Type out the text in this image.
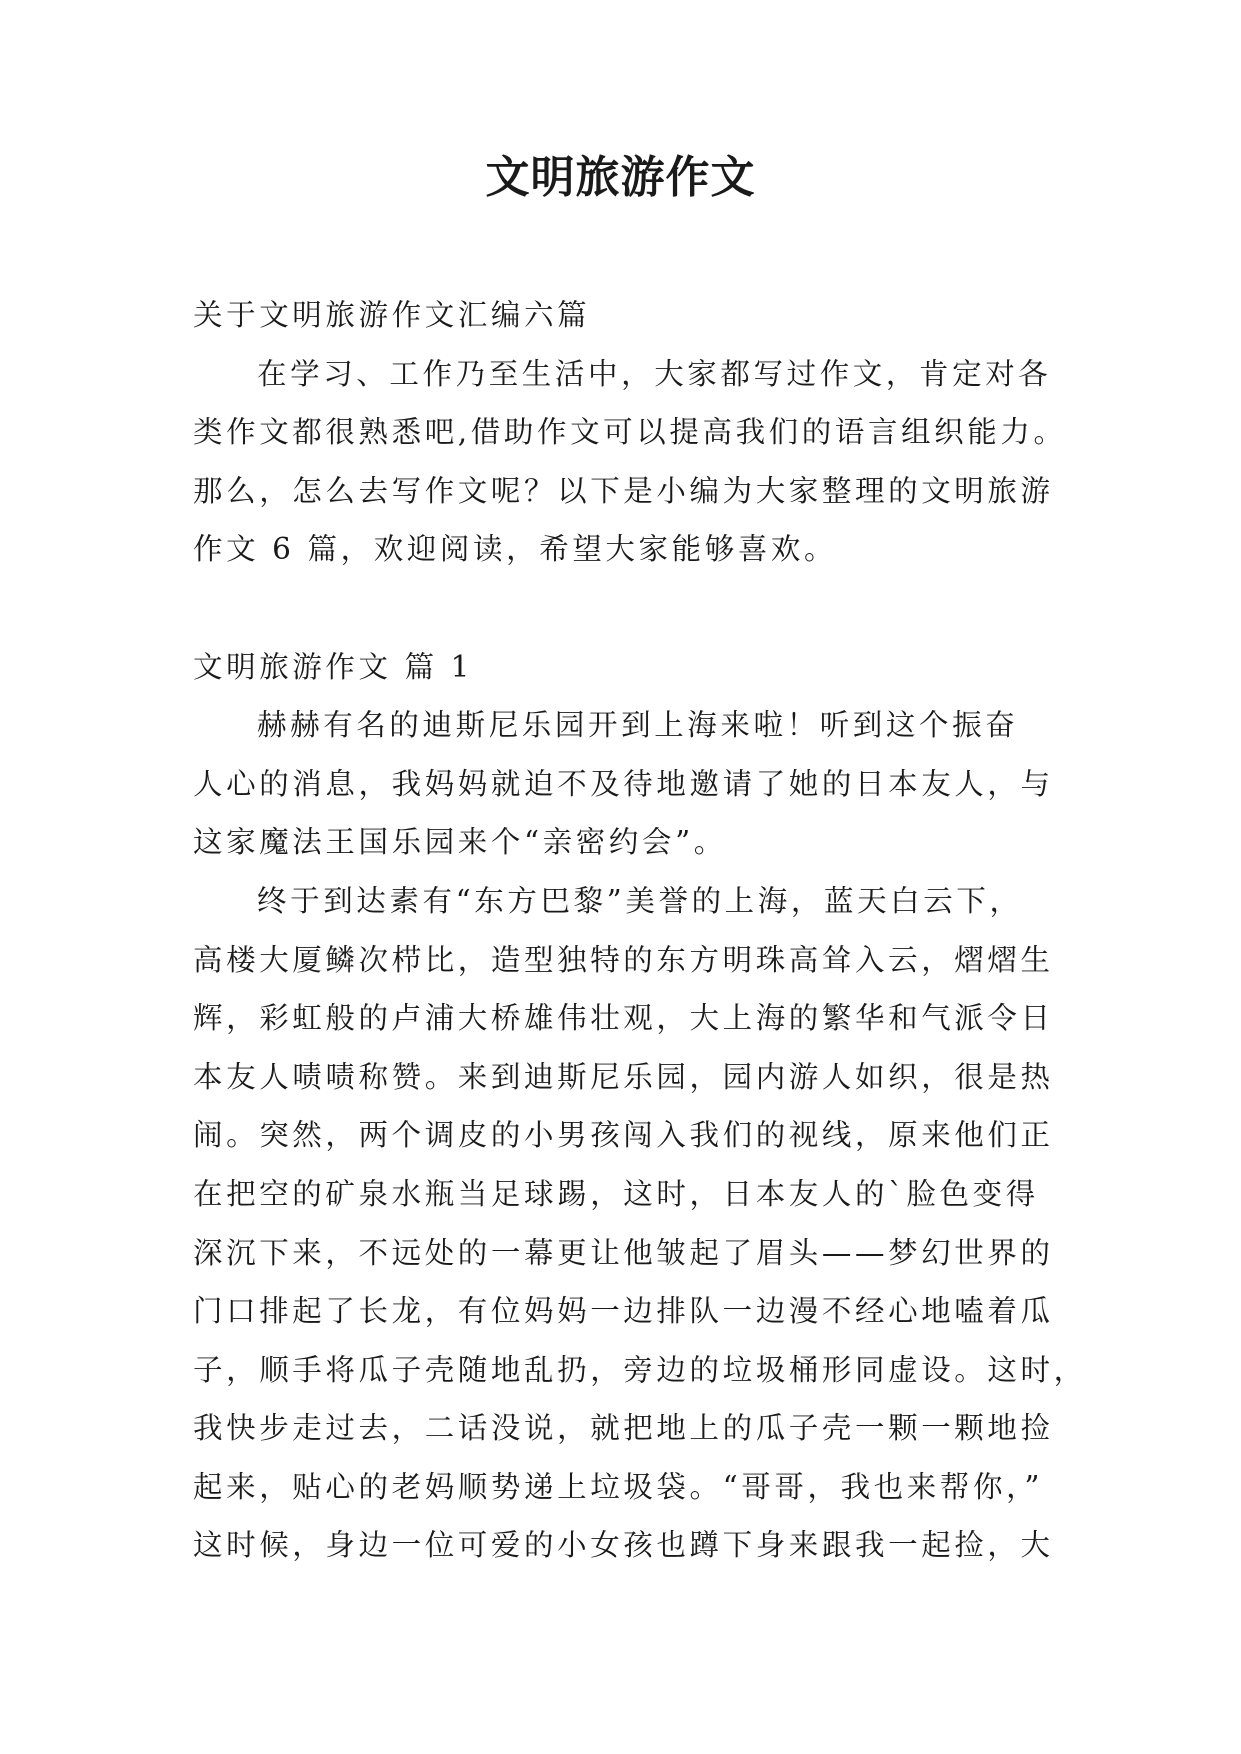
文明旅游作文
关于文明旅游作文汇编六篇
在学习、工作乃至生活中，大家都写过作文，肯定对各
类作文都很熟悉吧,借助作文可以提高我们的语言组织能力。
那么，怎么去写作文呢？以下是小编为大家整理的文明旅游
作文 6 篇，欢迎阅读，希望大家能够喜欢。
文明旅游作文 篇 1
赫赫有名的迪斯尼乐园开到上海来啦！听到这个振奋
人心的消息，我妈妈就迫不及待地邀请了她的日本友人，与
这家魔法王国乐园来个“亲密约会”。
终于到达素有“东方巴黎”美誉的上海，蓝天白云下，
高楼大厦鳞次栉比，造型独特的东方明珠高耸入云，熠熠生
辉，彩虹般的卢浦大桥雄伟壮观，大上海的繁华和气派令日
本友人啧啧称赞。来到迪斯尼乐园，园内游人如织，很是热
闹。突然，两个调皮的小男孩闯入我们的视线，原来他们正
在把空的矿泉水瓶当足球踢，这时，日本友人的`脸色变得
深沉下来，不远处的一幕更让他皱起了眉头——梦幻世界的
门口排起了长龙，有位妈妈一边排队一边漫不经心地嗑着瓜
子，顺手将瓜子壳随地乱扔，旁边的垃圾桶形同虚设。这时，
我快步走过去，二话没说，就把地上的瓜子壳一颗一颗地捡
起来，贴心的老妈顺势递上垃圾袋。“哥哥，我也来帮你，”
这时候，身边一位可爱的小女孩也蹲下身来跟我一起捡，大
